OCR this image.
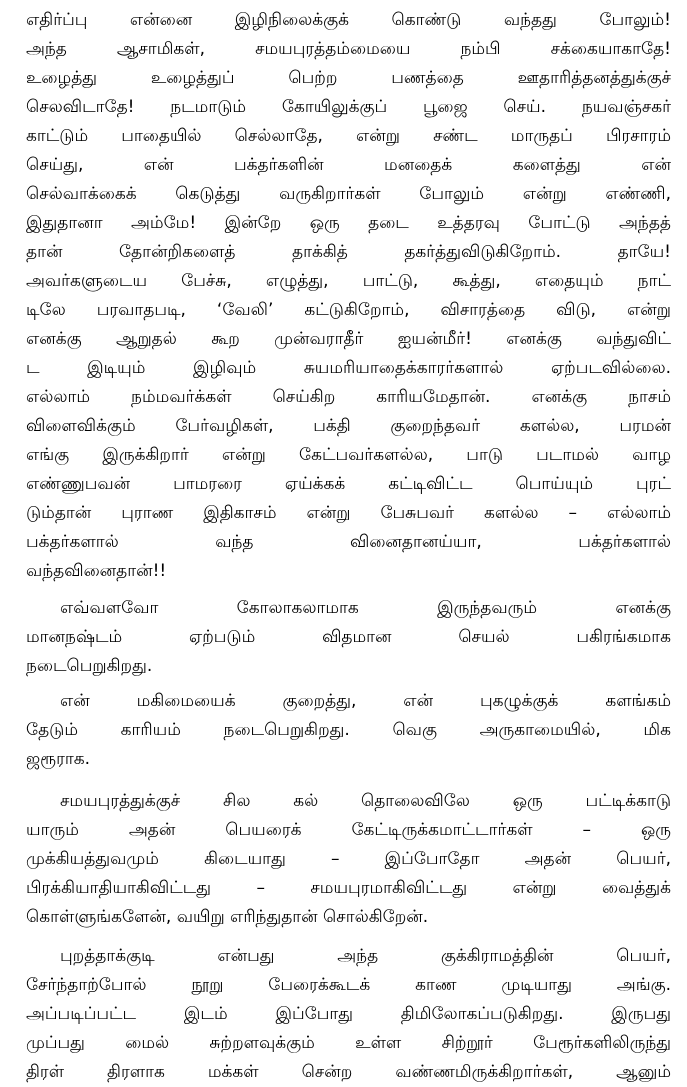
எதிர்ப்பு என்னை இழிநிலைக்குக் கொண்டு வந்தது போலும்!
அந்த ஆசாமிகள், சமயபுரத்தம்மையை நம்பி சக்கையாகாதே!
உழைத்து உழைத்துப் பெற்ற பணத்தை ஊதாரித்தனத்துக்குச்
செலவிடாதே! நடமாடும் கோயிலுக்குப் பூஜை செய். நயவஞ்சகர்
காட்டும் பாதையில் செல்லாதே, என்று சண்ட மாருதப் பிரசாரம்
செய்து, என் பக்தர்களின் மனதைக் களைத்து என்
செல்வாக்கைக் கெடுத்து வருகிறார்கள் போலும் என்று எண்ணி,
இதுதானா அம்மே! இன்றே ஒரு தடை உத்தரவு போட்டு அந்தத்
தான் தோன்றிகளைத் தாக்கித் தகர்த்துவிடுகிறோம். தாயே!
அவர்களுடைய பேச்சு, எழுத்து, பாட்டு, கூத்து, எதையும் நாட்
டிலே பரவாதபடி, ‘வேலி’ கட்டுகிறோம், விசாரத்தை விடு, என்று
எனக்கு ஆறுதல் கூற முன்வராதீர் ஐயன்மீர்! எனக்கு வந்துவிட்
ட இடியும் இழிவும் சுயமரியாதைக்காரர்களால் ஏற்படவில்லை.
எல்லாம் நம்மவர்க்கள் செய்கிற காரியமேதான். எனக்கு நாசம்
விளைவிக்கும் பேர்வழிகள், பக்தி குறைந்தவர் களல்ல, பரமன்
எங்கு இருக்கிறார் என்று கேட்பவர்களல்ல, பாடு படாமல் வாழ
எண்ணுபவன் பாமரரை ஏய்க்கக் கட்டிவிட்ட பொய்யும் புரட்
டும்தான் புராண இதிகாசம் என்று பேசுபவர் களல்ல – எல்லாம்
பக்தர்களால் வந்த வினைதானய்யா, பக்தர்களால்
வந்தவினைதான்!!
எவ்வளவோ கோலாகலாமாக இருந்தவரும் எனக்கு
மானநஷ்டம் ஏற்படும் விதமான செயல் பகிரங்கமாக
நடைபெறுகிறது.
என் மகிமையைக் குறைத்து, என் புகழுக்குக் களங்கம்
தேடும் காரியம் நடைபெறுகிறது. வெகு அருகாமையில், மிக
ஜரூராக.
சமயபுரத்துக்குச் சில கல் தொலைவிலே ஒரு பட்டிக்காடு
யாரும் அதன் பெயரைக் கேட்டிருக்கமாட்டார்கள் – ஒரு
முக்கியத்துவமும் கிடையாது – இப்போதோ அதன் பெயர்,
பிரக்கியாதியாகிவிட்டது – சமயபுரமாகிவிட்டது என்று வைத்துக்
கொள்ளுங்களேன், வயிறு எரிந்துதான் சொல்கிறேன்.
புறத்தாக்குடி என்பது அந்த குக்கிராமத்தின் பெயர்,
சேர்ந்தாற்போல் நூறு பேரைக்கூடக் காண முடியாது அங்கு.
அப்படிப்பட்ட இடம் இப்போது திமிலோகப்படுகிறது. இருபது
முப்பது மைல் சுற்றளவுக்கும் உள்ள சிற்றூர் பேரூர்களிலிருந்து
திரள் திரளாக மக்கள் சென்ற வண்ணமிருக்கிறார்கள், ஆனும்
